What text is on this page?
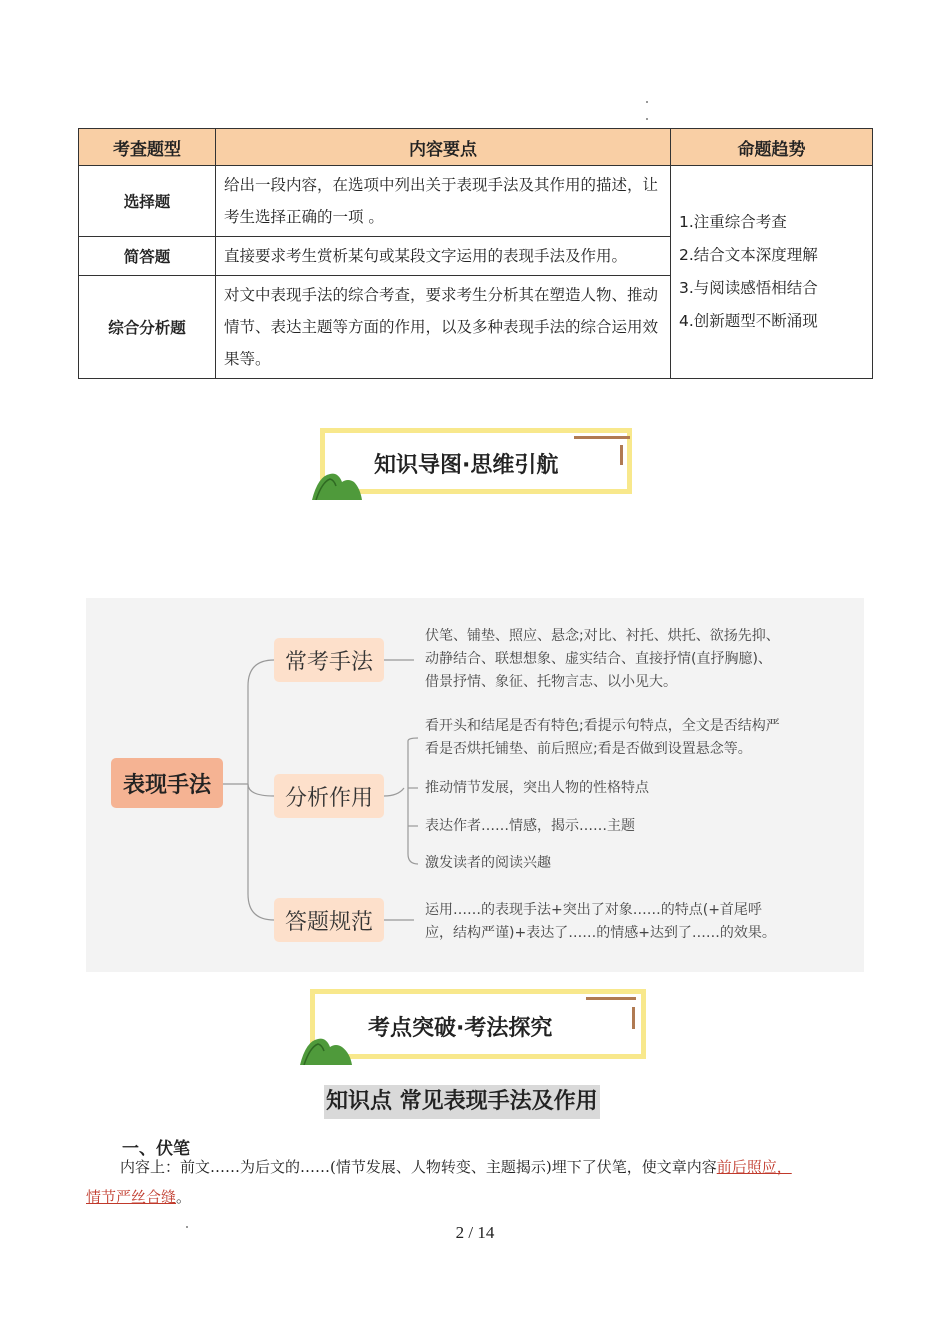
考查题型	内容要点	命题趋势
选择题	给出一段内容，在选项中列出关于表现手法及其作用的描述，让考生选择正确的一项 。	1.注重综合考查
2.结合文本深度理解
3.与阅读感悟相结合
4.创新题型不断涌现

简答题	直接要求考生赏析某句或某段文字运用的表现手法及作用。	
综合分析题	对文中表现手法的综合考查，要求考生分析其在塑造人物、推动情节、表达主题等方面的作用，以及多种表现手法的综合运用效果等。	
知识导图·思维引航
表现手法
常考手法
分析作用
答题规范
伏笔、铺垫、照应、悬念;对比、衬托、烘托、欲扬先抑、
动静结合、联想想象、虚实结合、直接抒情(直抒胸臆)、
借景抒情、象征、托物言志、以小见大。
看开头和结尾是否有特色;看提示句特点，全文是否结构严
看是否烘托铺垫、前后照应;看是否做到设置悬念等。
推动情节发展，突出人物的性格特点
表达作者……情感，揭示……主题
激发读者的阅读兴趣
运用……的表现手法+突出了对象……的特点(+首尾呼
应，结构严谨)+表达了……的情感+达到了……的效果。
考点突破·考法探究
知识点 常见表现手法及作用
一、伏笔
内容上：前文……为后文的……(情节发展、人物转变、主题揭示)埋下了伏笔，使文章内容前后照应，
情节严丝合缝。
2 / 14
